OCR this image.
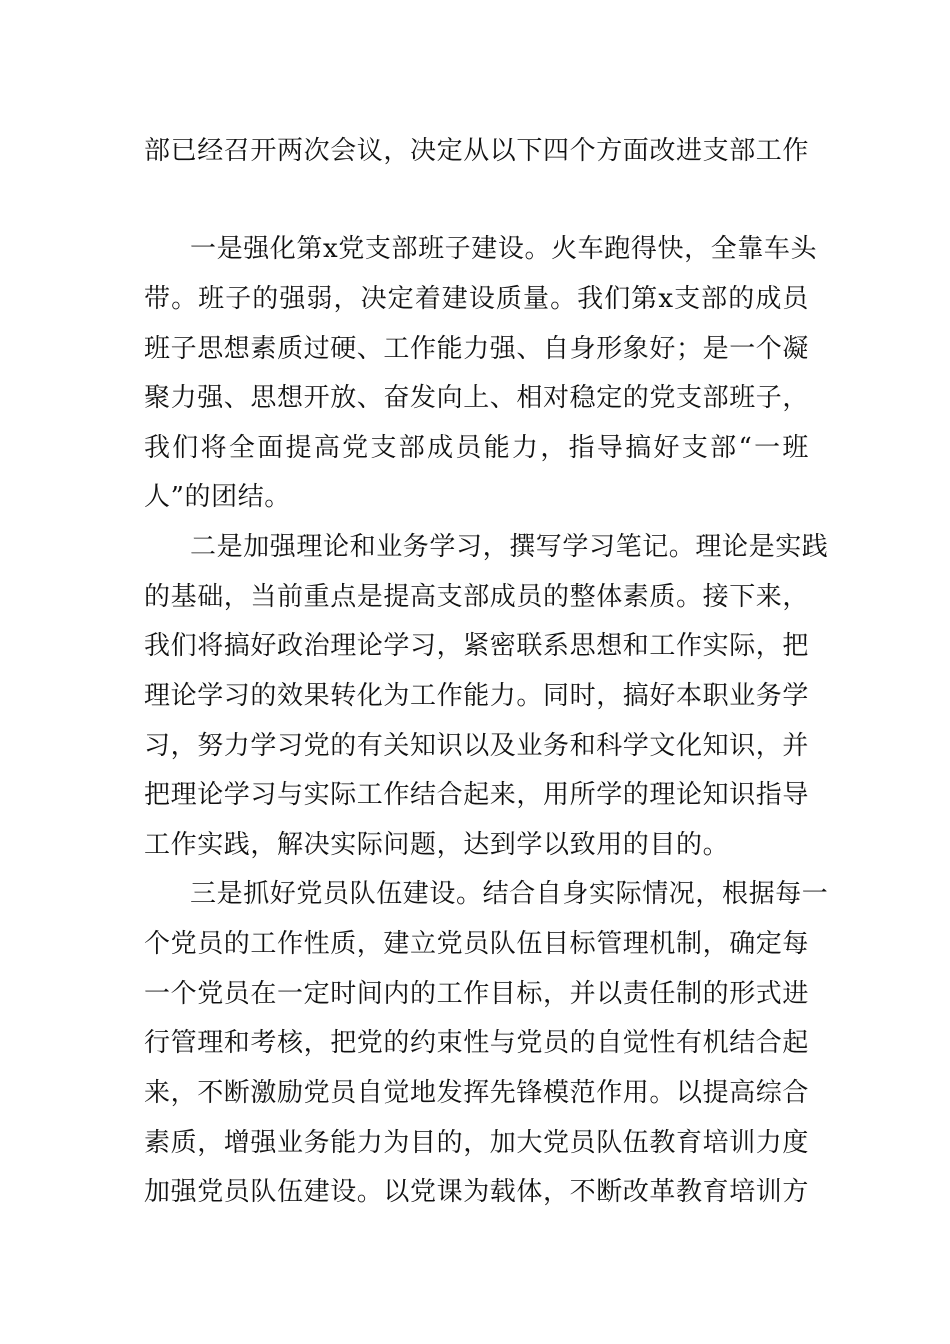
部已经召开两次会议，决定从以下四个方面改进支部工作
一是强化第x党支部班子建设。火车跑得快，全靠车头
带。班子的强弱，决定着建设质量。我们第x支部的成员
班子思想素质过硬、工作能力强、自身形象好；是一个凝
聚力强、思想开放、奋发向上、相对稳定的党支部班子，
我们将全面提高党支部成员能力，指导搞好支部“一班
人”的团结。
二是加强理论和业务学习，撰写学习笔记。理论是实践
的基础，当前重点是提高支部成员的整体素质。接下来，
我们将搞好政治理论学习，紧密联系思想和工作实际，把
理论学习的效果转化为工作能力。同时，搞好本职业务学
习，努力学习党的有关知识以及业务和科学文化知识，并
把理论学习与实际工作结合起来，用所学的理论知识指导
工作实践，解决实际问题，达到学以致用的目的。
三是抓好党员队伍建设。结合自身实际情况，根据每一
个党员的工作性质，建立党员队伍目标管理机制，确定每
一个党员在一定时间内的工作目标，并以责任制的形式进
行管理和考核，把党的约束性与党员的自觉性有机结合起
来，不断激励党员自觉地发挥先锋模范作用。以提高综合
素质，增强业务能力为目的，加大党员队伍教育培训力度
加强党员队伍建设。以党课为载体，不断改革教育培训方
